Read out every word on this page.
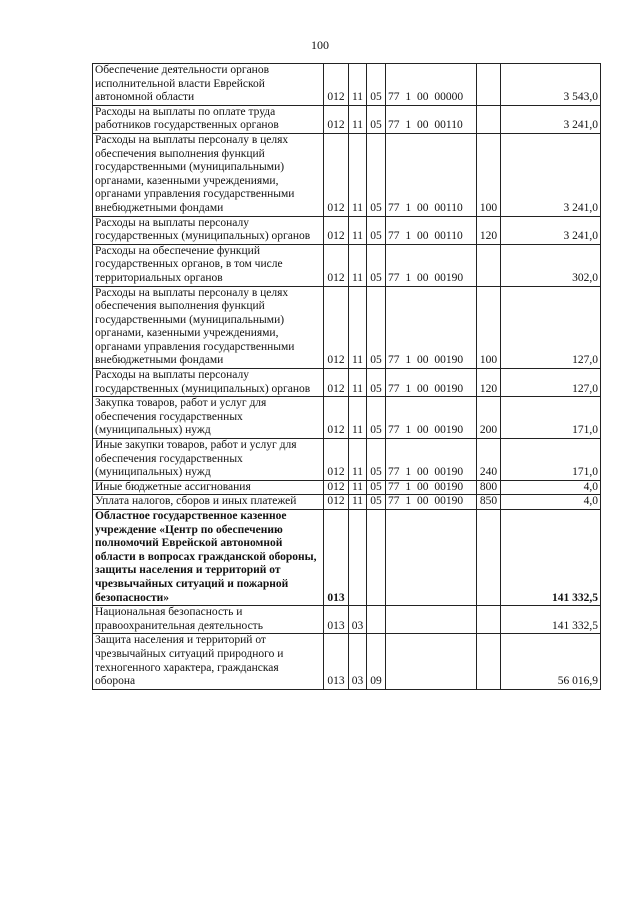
100
Обеспечение деятельности органов исполнительной власти Еврейской автономной области	012	11	05	77 1 00 00000		3 543,0
Расходы на выплаты по оплате труда работников государственных органов	012	11	05	77 1 00 00110		3 241,0
Расходы на выплаты персоналу в целях обеспечения выполнения функций государственными (муниципальными) органами, казенными учреждениями, органами управления государственными внебюджетными фондами	012	11	05	77 1 00 00110	100	3 241,0
Расходы на выплаты персоналу государственных (муниципальных) органов	012	11	05	77 1 00 00110	120	3 241,0
Расходы на обеспечение функций государственных органов, в том числе территориальных органов	012	11	05	77 1 00 00190		302,0
Расходы на выплаты персоналу в целях обеспечения выполнения функций государственными (муниципальными) органами, казенными учреждениями, органами управления государственными внебюджетными фондами	012	11	05	77 1 00 00190	100	127,0
Расходы на выплаты персоналу государственных (муниципальных) органов	012	11	05	77 1 00 00190	120	127,0
Закупка товаров, работ и услуг для обеспечения государственных (муниципальных) нужд	012	11	05	77 1 00 00190	200	171,0
Иные закупки товаров, работ и услуг для обеспечения государственных (муниципальных) нужд	012	11	05	77 1 00 00190	240	171,0
Иные бюджетные ассигнования	012	11	05	77 1 00 00190	800	4,0
Уплата налогов, сборов и иных платежей	012	11	05	77 1 00 00190	850	4,0
Областное государственное казенное учреждение «Центр по обеспечению полномочий Еврейской автономной области в вопросах гражданской обороны, защиты населения и территорий от чрезвычайных ситуаций и пожарной безопасности»	013					141 332,5
Национальная безопасность и правоохранительная деятельность	013	03				141 332,5
Защита населения и территорий от чрезвычайных ситуаций природного и техногенного характера, гражданская оборона	013	03	09			56 016,9
